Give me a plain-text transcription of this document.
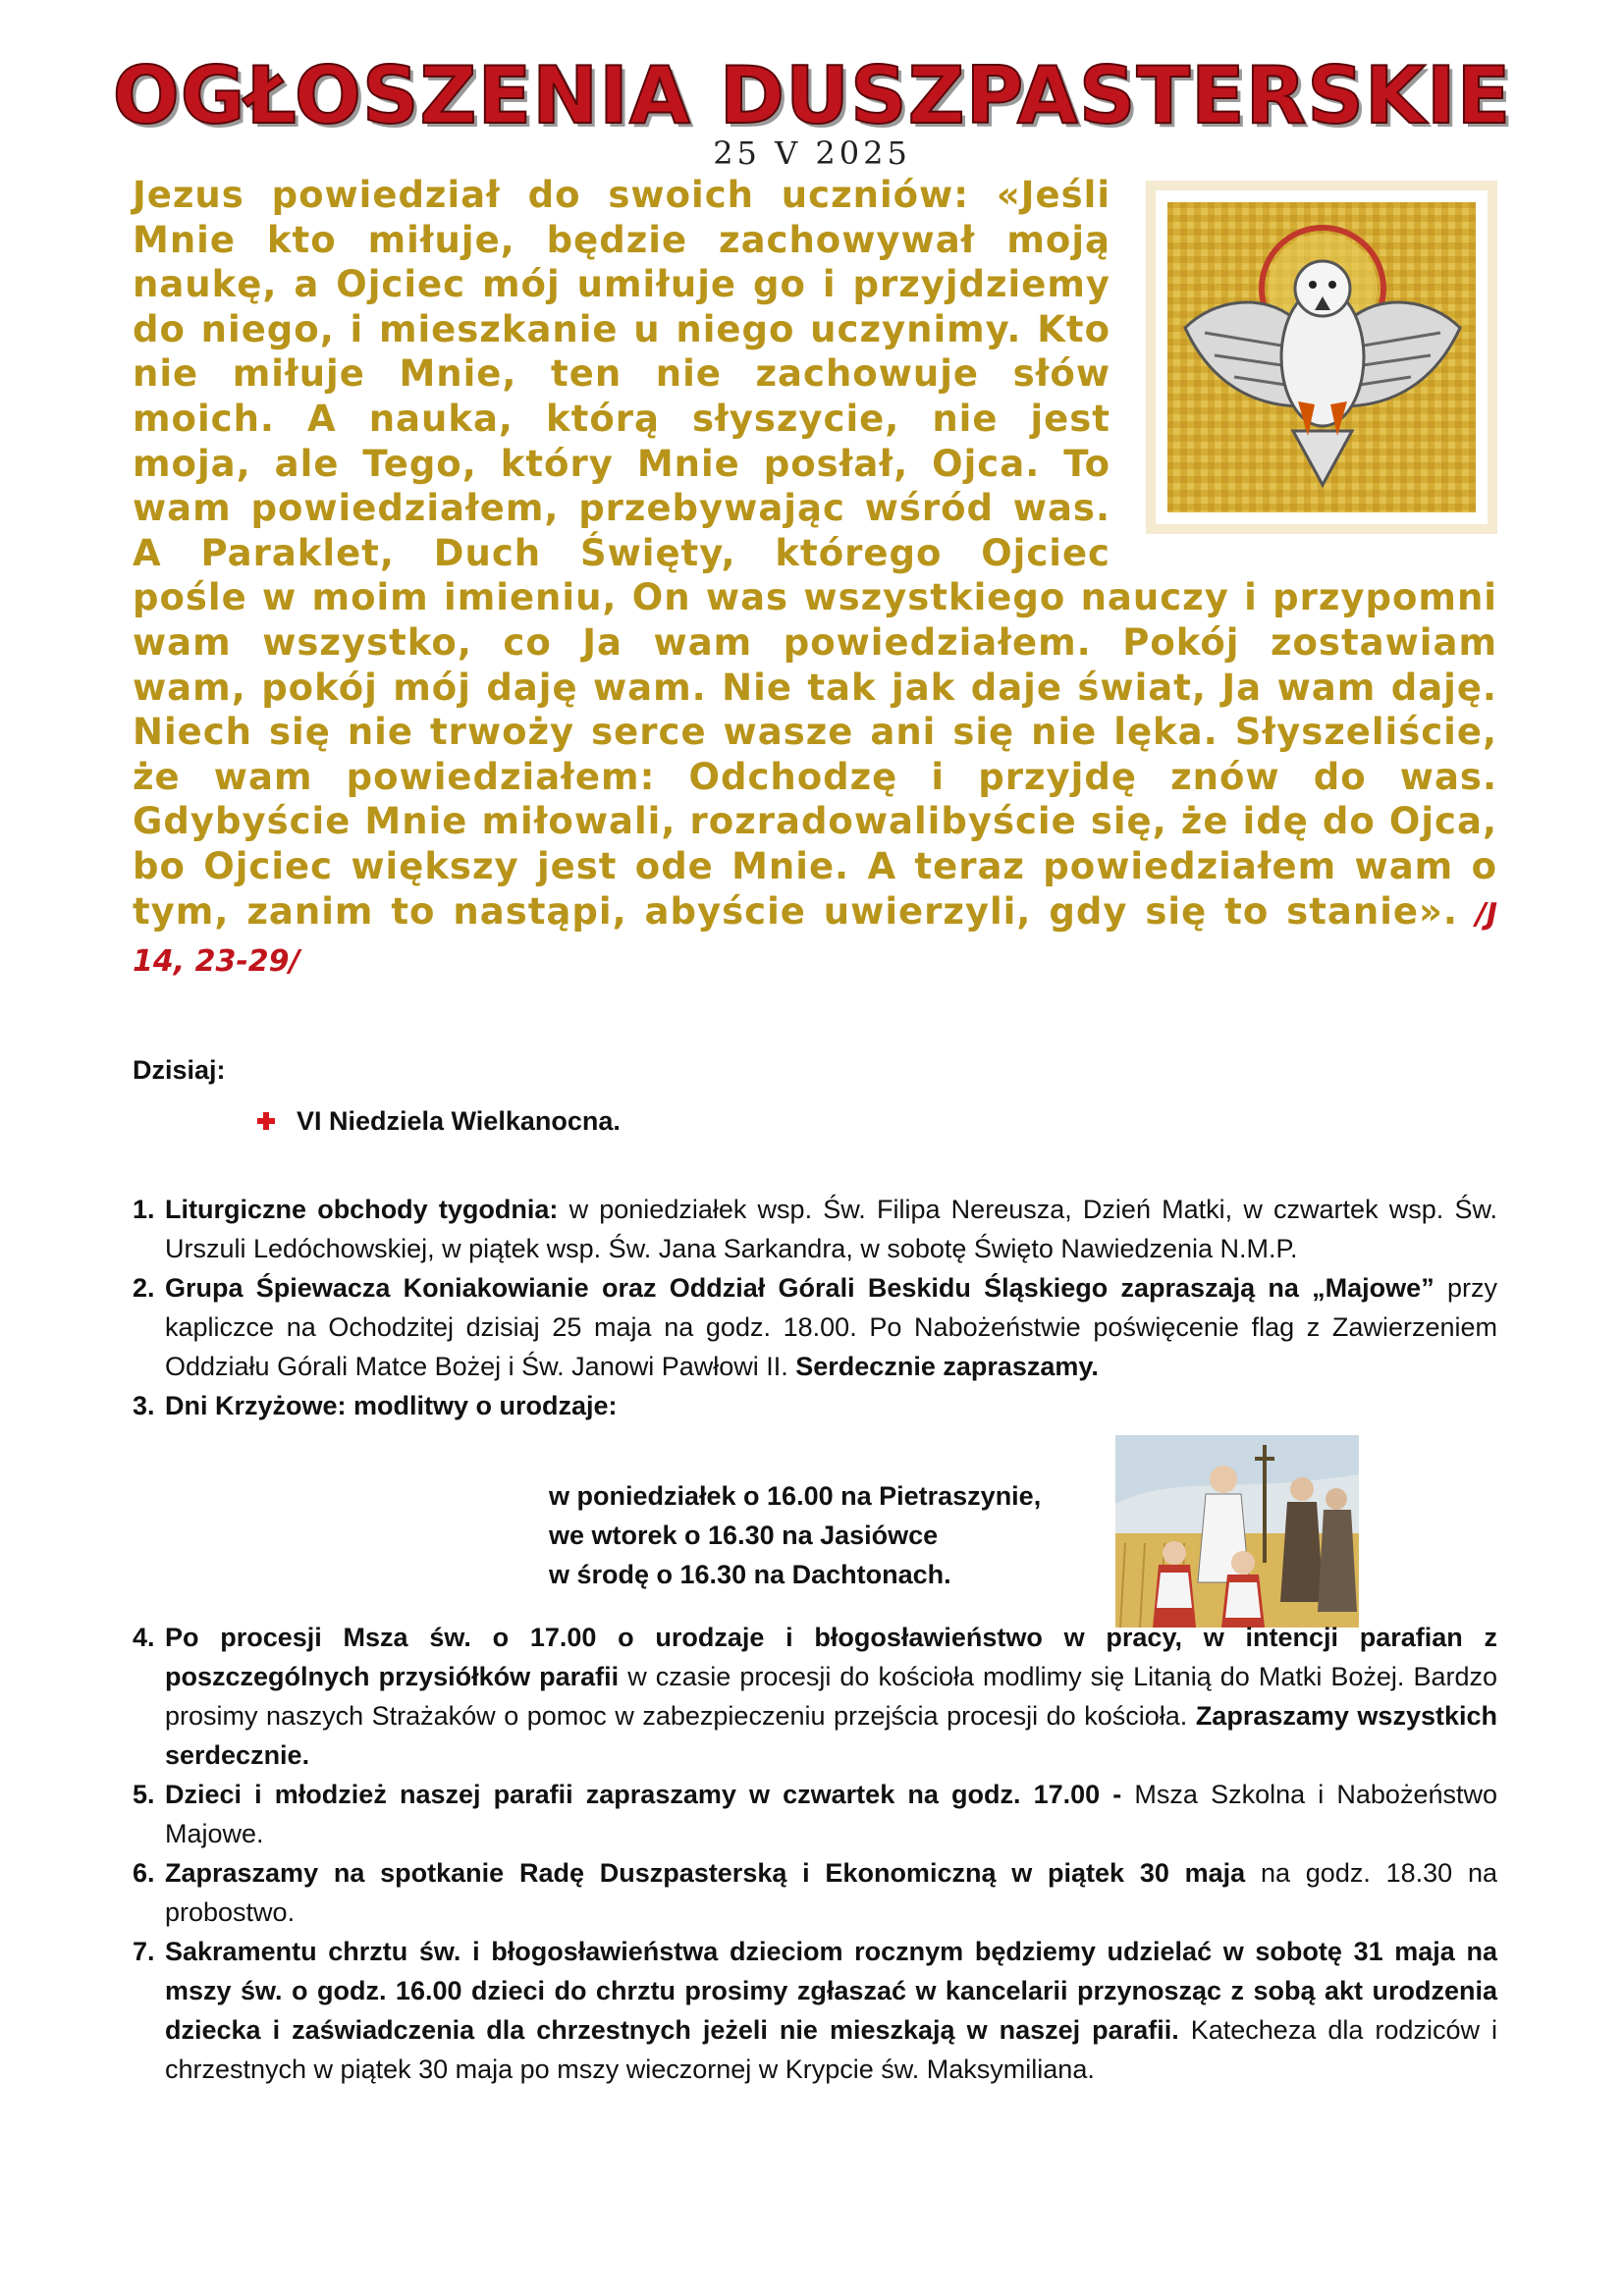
OGŁOSZENIA DUSZPASTERSKIE
25 V 2025
Jezus powiedział do swoich uczniów: «Jeśli Mnie kto miłuje, będzie zachowywał moją naukę, a Ojciec mój umiłuje go i przyjdziemy do niego, i mieszkanie u niego uczynimy. Kto nie miłuje Mnie, ten nie zachowuje słów moich. A nauka, którą słyszycie, nie jest moja, ale Tego, który Mnie posłał, Ojca. To wam powiedziałem, przebywając wśród was. A Paraklet, Duch Święty, którego Ojciec pośle w moim imieniu, On was wszystkiego nauczy i przypomni wam wszystko, co Ja wam powiedziałem. Pokój zostawiam wam, pokój mój daję wam. Nie tak jak daje świat, Ja wam daję. Niech się nie trwoży serce wasze ani się nie lęka. Słyszeliście, że wam powiedziałem: Odchodzę i przyjdę znów do was. Gdybyście Mnie miłowali, rozradowalibyście się, że idę do Ojca, bo Ojciec większy jest ode Mnie. A teraz powiedziałem wam o tym, zanim to nastąpi, abyście uwierzyli, gdy się to stanie». /J 14, 23-29/

Dzisiaj:

VI Niedziela Wielkanocna.
1. Liturgiczne obchody tygodnia: w poniedziałek wsp. Św. Filipa Nereusza, Dzień Matki, w czwartek wsp. Św. Urszuli Ledóchowskiej, w piątek wsp. Św. Jana Sarkandra, w sobotę Święto Nawiedzenia N.M.P.
2. Grupa Śpiewacza Koniakowianie oraz Oddział Górali Beskidu Śląskiego zapraszają na „Majowe” przy kapliczce na Ochodzitej dzisiaj 25 maja na godz. 18.00. Po Nabożeństwie poświęcenie flag z Zawierzeniem Oddziału Górali Matce Bożej i Św. Janowi Pawłowi II. Serdecznie zapraszamy.
3. Dni Krzyżowe: modlitwy o urodzaje:
w poniedziałek o 16.00 na Pietraszynie,
we wtorek o 16.30 na Jasiówce
w środę o 16.30 na Dachtonach.
4. Po procesji Msza św. o 17.00 o urodzaje i błogosławieństwo w pracy, w intencji parafian z poszczególnych przysiółków parafii w czasie procesji do kościoła modlimy się Litanią do Matki Bożej. Bardzo prosimy naszych Strażaków o pomoc w zabezpieczeniu przejścia procesji do kościoła. Zapraszamy wszystkich serdecznie.
5. Dzieci i młodzież naszej parafii zapraszamy w czwartek na godz. 17.00 - Msza Szkolna i Nabożeństwo Majowe.
6. Zapraszamy na spotkanie Radę Duszpasterską i Ekonomiczną w piątek 30 maja na godz. 18.30 na probostwo.
7. Sakramentu chrztu św. i błogosławieństwa dzieciom rocznym będziemy udzielać w sobotę 31 maja na mszy św. o godz. 16.00 dzieci do chrztu prosimy zgłaszać w kancelarii przynosząc z sobą akt urodzenia dziecka i zaświadczenia dla chrzestnych jeżeli nie mieszkają w naszej parafii. Katecheza dla rodziców i chrzestnych w piątek 30 maja po mszy wieczornej w Krypcie św. Maksymiliana.
